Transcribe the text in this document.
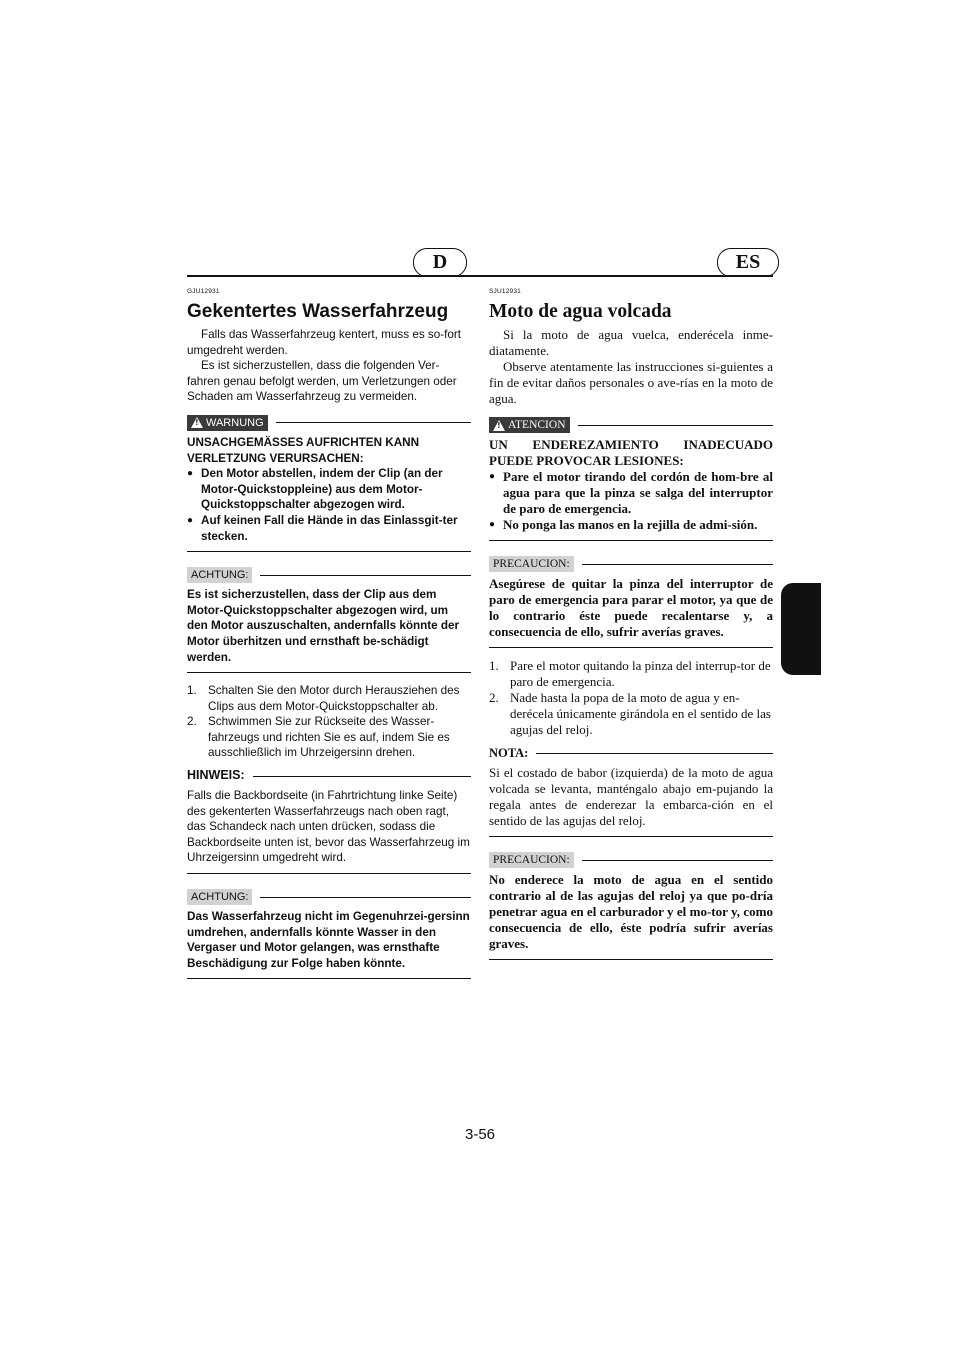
D	ES

GJU12931

Gekentertes Wasserfahrzeug

Falls das Wasserfahrzeug kentert, muss es so-fort umgedreht werden.

Es ist sicherzustellen, dass die folgenden Ver-fahren genau befolgt werden, um Verletzungen oder Schaden am Wasserfahrzeug zu vermeiden.

!
WARNUNG

UNSACHGEMÄSSES AUFRICHTEN KANN VERLETZUNG VERURSACHEN:

● Den Motor abstellen, indem der Clip (an der Motor-Quickstoppleine) aus dem Motor-Quickstoppschalter abgezogen wird.
● Auf keinen Fall die Hände in das Einlassgit-ter stecken.
ACHTUNG:

Es ist sicherzustellen, dass der Clip aus dem Motor-Quickstoppschalter abgezogen wird, um den Motor auszuschalten, andernfalls könnte der Motor überhitzen und ernsthaft be-schädigt werden.

1. Schalten Sie den Motor durch Herausziehen des Clips aus dem Motor-Quickstoppschalter ab.
2. Schwimmen Sie zur Rückseite des Wasser-fahrzeugs und richten Sie es auf, indem Sie es ausschließlich im Uhrzeigersinn drehen.
HINWEIS:

Falls die Backbordseite (in Fahrtrichtung linke Seite) des gekenterten Wasserfahrzeugs nach oben ragt, das Schandeck nach unten drücken, sodass die Backbordseite unten ist, bevor das Wasserfahrzeug im Uhrzeigersinn umgedreht wird.

ACHTUNG:

Das Wasserfahrzeug nicht im Gegenuhrzei-gersinn umdrehen, andernfalls könnte Wasser in den Vergaser und Motor gelangen, was ernsthafte Beschädigung zur Folge haben könnte.

SJU12931

Moto de agua volcada

Si la moto de agua vuelca, enderécela inme-diatamente.

Observe atentamente las instrucciones si-guientes a fin de evitar daños personales o ave-rías en la moto de agua.

!
ATENCION

UN ENDEREZAMIENTO INADECUADO PUEDE PROVOCAR LESIONES:

● Pare el motor tirando del cordón de hom-bre al agua para que la pinza se salga del interruptor de paro de emergencia.
● No ponga las manos en la rejilla de admi-sión.
PRECAUCION:

Asegúrese de quitar la pinza del interruptor de paro de emergencia para parar el motor, ya que de lo contrario éste puede recalentarse y, a consecuencia de ello, sufrir averías graves.

1. Pare el motor quitando la pinza del interrup-tor de paro de emergencia.
2. Nade hasta la popa de la moto de agua y en-derécela únicamente girándola en el sentido de las agujas del reloj.
NOTA:

Si el costado de babor (izquierda) de la moto de agua volcada se levanta, manténgalo abajo em-pujando la regala antes de enderezar la embarca-ción en el sentido de las agujas del reloj.

PRECAUCION:

No enderece la moto de agua en el sentido contrario al de las agujas del reloj ya que po-dría penetrar agua en el carburador y el mo-tor y, como consecuencia de ello, éste podría sufrir averías graves.

3-56
